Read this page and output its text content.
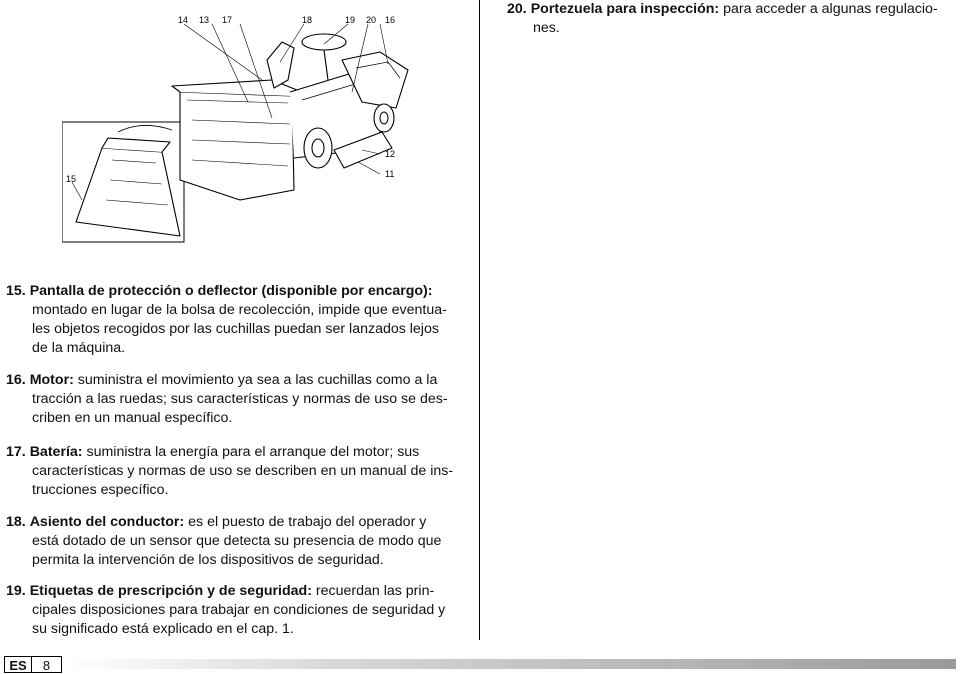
14 13 17	18	19 20 16
12
11
15

15. Pantalla de protección o deflector (disponible por encargo):

montado en lugar de la bolsa de recolección, impide que eventua-

les objetos recogidos por las cuchillas puedan ser lanzados lejos

de la máquina.

16. Motor: suministra el movimiento ya sea a las cuchillas como a la

tracción a las ruedas; sus características y normas de uso se des-

criben en un manual específico.

17. Batería: suministra la energía para el arranque del motor; sus

características y normas de uso se describen en un manual de ins-

trucciones específico.

18. Asiento del conductor: es el puesto de trabajo del operador y

está dotado de un sensor que detecta su presencia de modo que

permita la intervención de los dispositivos de seguridad.

19. Etiquetas de prescripción y de seguridad: recuerdan las prin-

cipales disposiciones para trabajar en condiciones de seguridad y

su significado está explicado en el cap. 1.

20. Portezuela para inspección: para acceder a algunas regulacio-

nes.

ES	8
